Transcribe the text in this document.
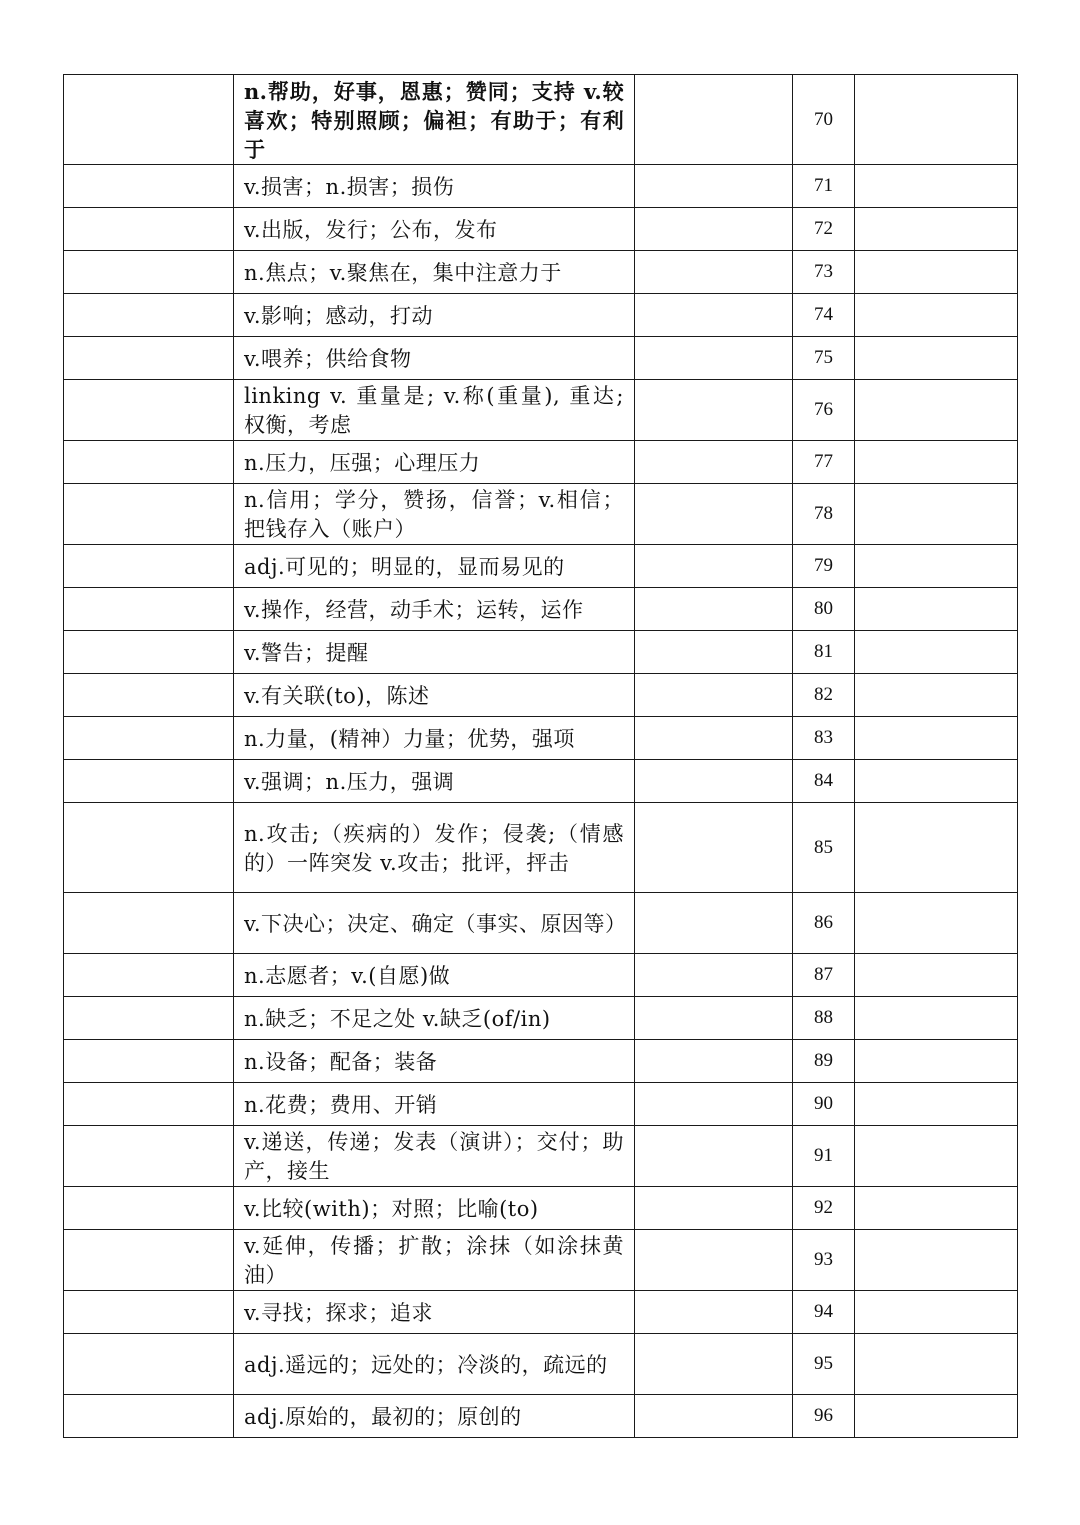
	n.帮助，好事，恩惠；赞同；支持 v.较喜欢；特别照顾；偏袒；有助于；有利于		70	
	v.损害；n.损害；损伤		71	
	v.出版，发行；公布，发布		72	
	n.焦点；v.聚焦在，集中注意力于		73	
	v.影响；感动，打动		74	
	v.喂养；供给食物		75	
	linking v. 重量是; v.称(重量), 重达; 权衡，考虑		76	
	n.压力，压强；心理压力		77	
	n.信用；学分，赞扬，信誉；v.相信；把钱存入（账户）		78	
	adj.可见的；明显的，显而易见的		79	
	v.操作，经营，动手术；运转，运作		80	
	v.警告；提醒		81	
	v.有关联(to)，陈述		82	
	n.力量，(精神）力量；优势，强项		83	
	v.强调；n.压力，强调		84	
	n.攻击;（疾病的）发作；侵袭;（情感的）一阵突发 v.攻击；批评，抨击		85	
	v.下决心；决定、确定（事实、原因等）		86	
	n.志愿者；v.(自愿)做		87	
	n.缺乏；不足之处 v.缺乏(of/in)		88	
	n.设备；配备；装备		89	
	n.花费；费用、开销		90	
	v.递送，传递；发表（演讲）；交付；助产，接生		91	
	v.比较(with)；对照；比喻(to)		92	
	v.延伸，传播；扩散；涂抹（如涂抹黄油）		93	
	v.寻找；探求；追求		94	
	adj.遥远的；远处的；冷淡的，疏远的		95	
	adj.原始的，最初的；原创的		96	
